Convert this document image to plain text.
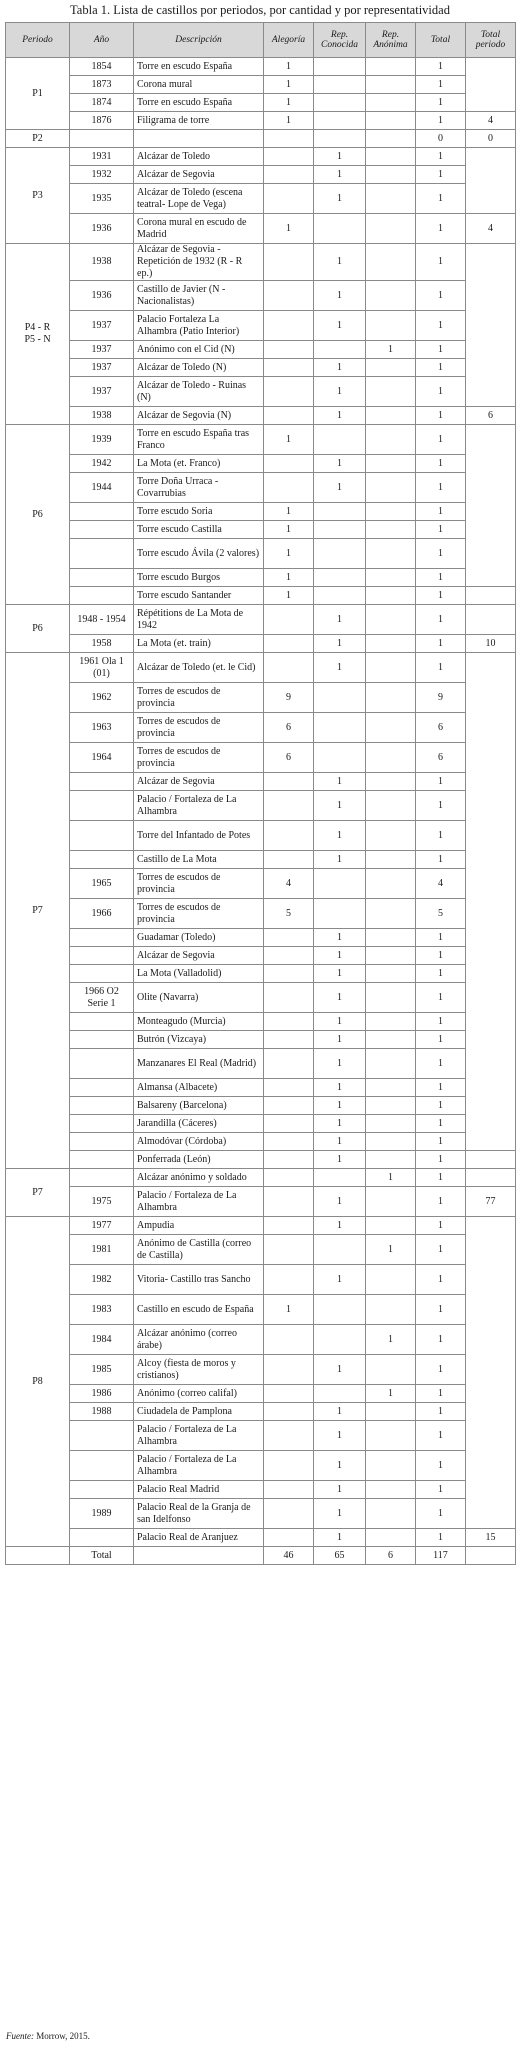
Tabla 1. Lista de castillos por periodos, por cantidad y por representatividad
Periodo	Año	Descripción	Alegoría	Rep. Conocida	Rep. Anónima	Total	Total periodo
P1	1854	Torre en escudo España	1			1	
	1873	Corona mural	1			1	
	1874	Torre en escudo España	1			1	
	1876	Filigrama de torre	1			1	4
P2						0	0
P3	1931	Alcázar de Toledo		1		1	
	1932	Alcázar de Segovia		1		1	
	1935	Alcázar de Toledo (escena teatral- Lope de Vega)		1		1	
	1936	Corona mural en escudo de Madrid	1			1	4
P4 - R
P5 - N	1938	Alcázar de Segovia - Repetición de 1932 (R - R ep.)		1		1	
	1936	Castillo de Javier (N - Nacionalistas)		1		1	
	1937	Palacio Fortaleza La Alhambra (Patio Interior)		1		1	
	1937	Anónimo con el Cid (N)			1	1	
	1937	Alcázar de Toledo (N)		1		1	
	1937	Alcázar de Toledo - Ruinas (N)		1		1	
	1938	Alcázar de Segovia (N)		1		1	6
P6	1939	Torre en escudo España tras Franco	1			1	
	1942	La Mota (et. Franco)		1		1	
	1944	Torre Doña Urraca - Covarrubias		1		1	
		Torre escudo Soria	1			1	
		Torre escudo Castilla	1			1	
		Torre escudo Ávila (2 valores)	1			1	
		Torre escudo Burgos	1			1	
		Torre escudo Santander	1			1	
P6	1948 - 1954	Répétitions de La Mota de 1942		1		1	
	1958	La Mota (et. train)		1		1	10
P7	1961 Ola 1
(01)	Alcázar de Toledo (et. le Cid)		1		1	
	1962	Torres de escudos de provincia	9			9	
	1963	Torres de escudos de provincia	6			6	
	1964	Torres de escudos de provincia	6			6	
		Alcázar de Segovia		1		1	
		Palacio / Fortaleza de La Alhambra		1		1	
		Torre del Infantado de Potes		1		1	
		Castillo de La Mota		1		1	
	1965	Torres de escudos de provincia	4			4	
	1966	Torres de escudos de provincia	5			5	
		Guadamar (Toledo)		1		1	
		Alcázar de Segovia		1		1	
		La Mota (Valladolid)		1		1	
	1966 O2
Serie 1	Olite (Navarra)		1		1	
		Monteagudo (Murcia)		1		1	
		Butrón (Vizcaya)		1		1	
		Manzanares El Real (Madrid)		1		1	
		Almansa (Albacete)		1		1	
		Balsareny (Barcelona)		1		1	
		Jarandilla (Cáceres)		1		1	
		Almodóvar (Córdoba)		1		1	
		Ponferrada (León)		1		1	
P7		Alcázar anónimo y soldado			1	1	
	1975	Palacio / Fortaleza de La Alhambra		1		1	77
P8	1977	Ampudia		1		1	
	1981	Anónimo de Castilla (correo de Castilla)			1	1	
	1982	Vitoria- Castillo tras Sancho		1		1	
	1983	Castillo en escudo de España	1			1	
	1984	Alcázar anónimo (correo árabe)			1	1	
	1985	Alcoy (fiesta de moros y cristianos)		1		1	
	1986	Anónimo (correo califal)			1	1	
	1988	Ciudadela de Pamplona		1		1	
		Palacio / Fortaleza de La Alhambra		1		1	
		Palacio / Fortaleza de La Alhambra		1		1	
		Palacio Real Madrid		1		1	
	1989	Palacio Real de la Granja de san Idelfonso		1		1	
		Palacio Real de Aranjuez		1		1	15
	Total		46	65	6	117	
Fuente: Morrow, 2015.
